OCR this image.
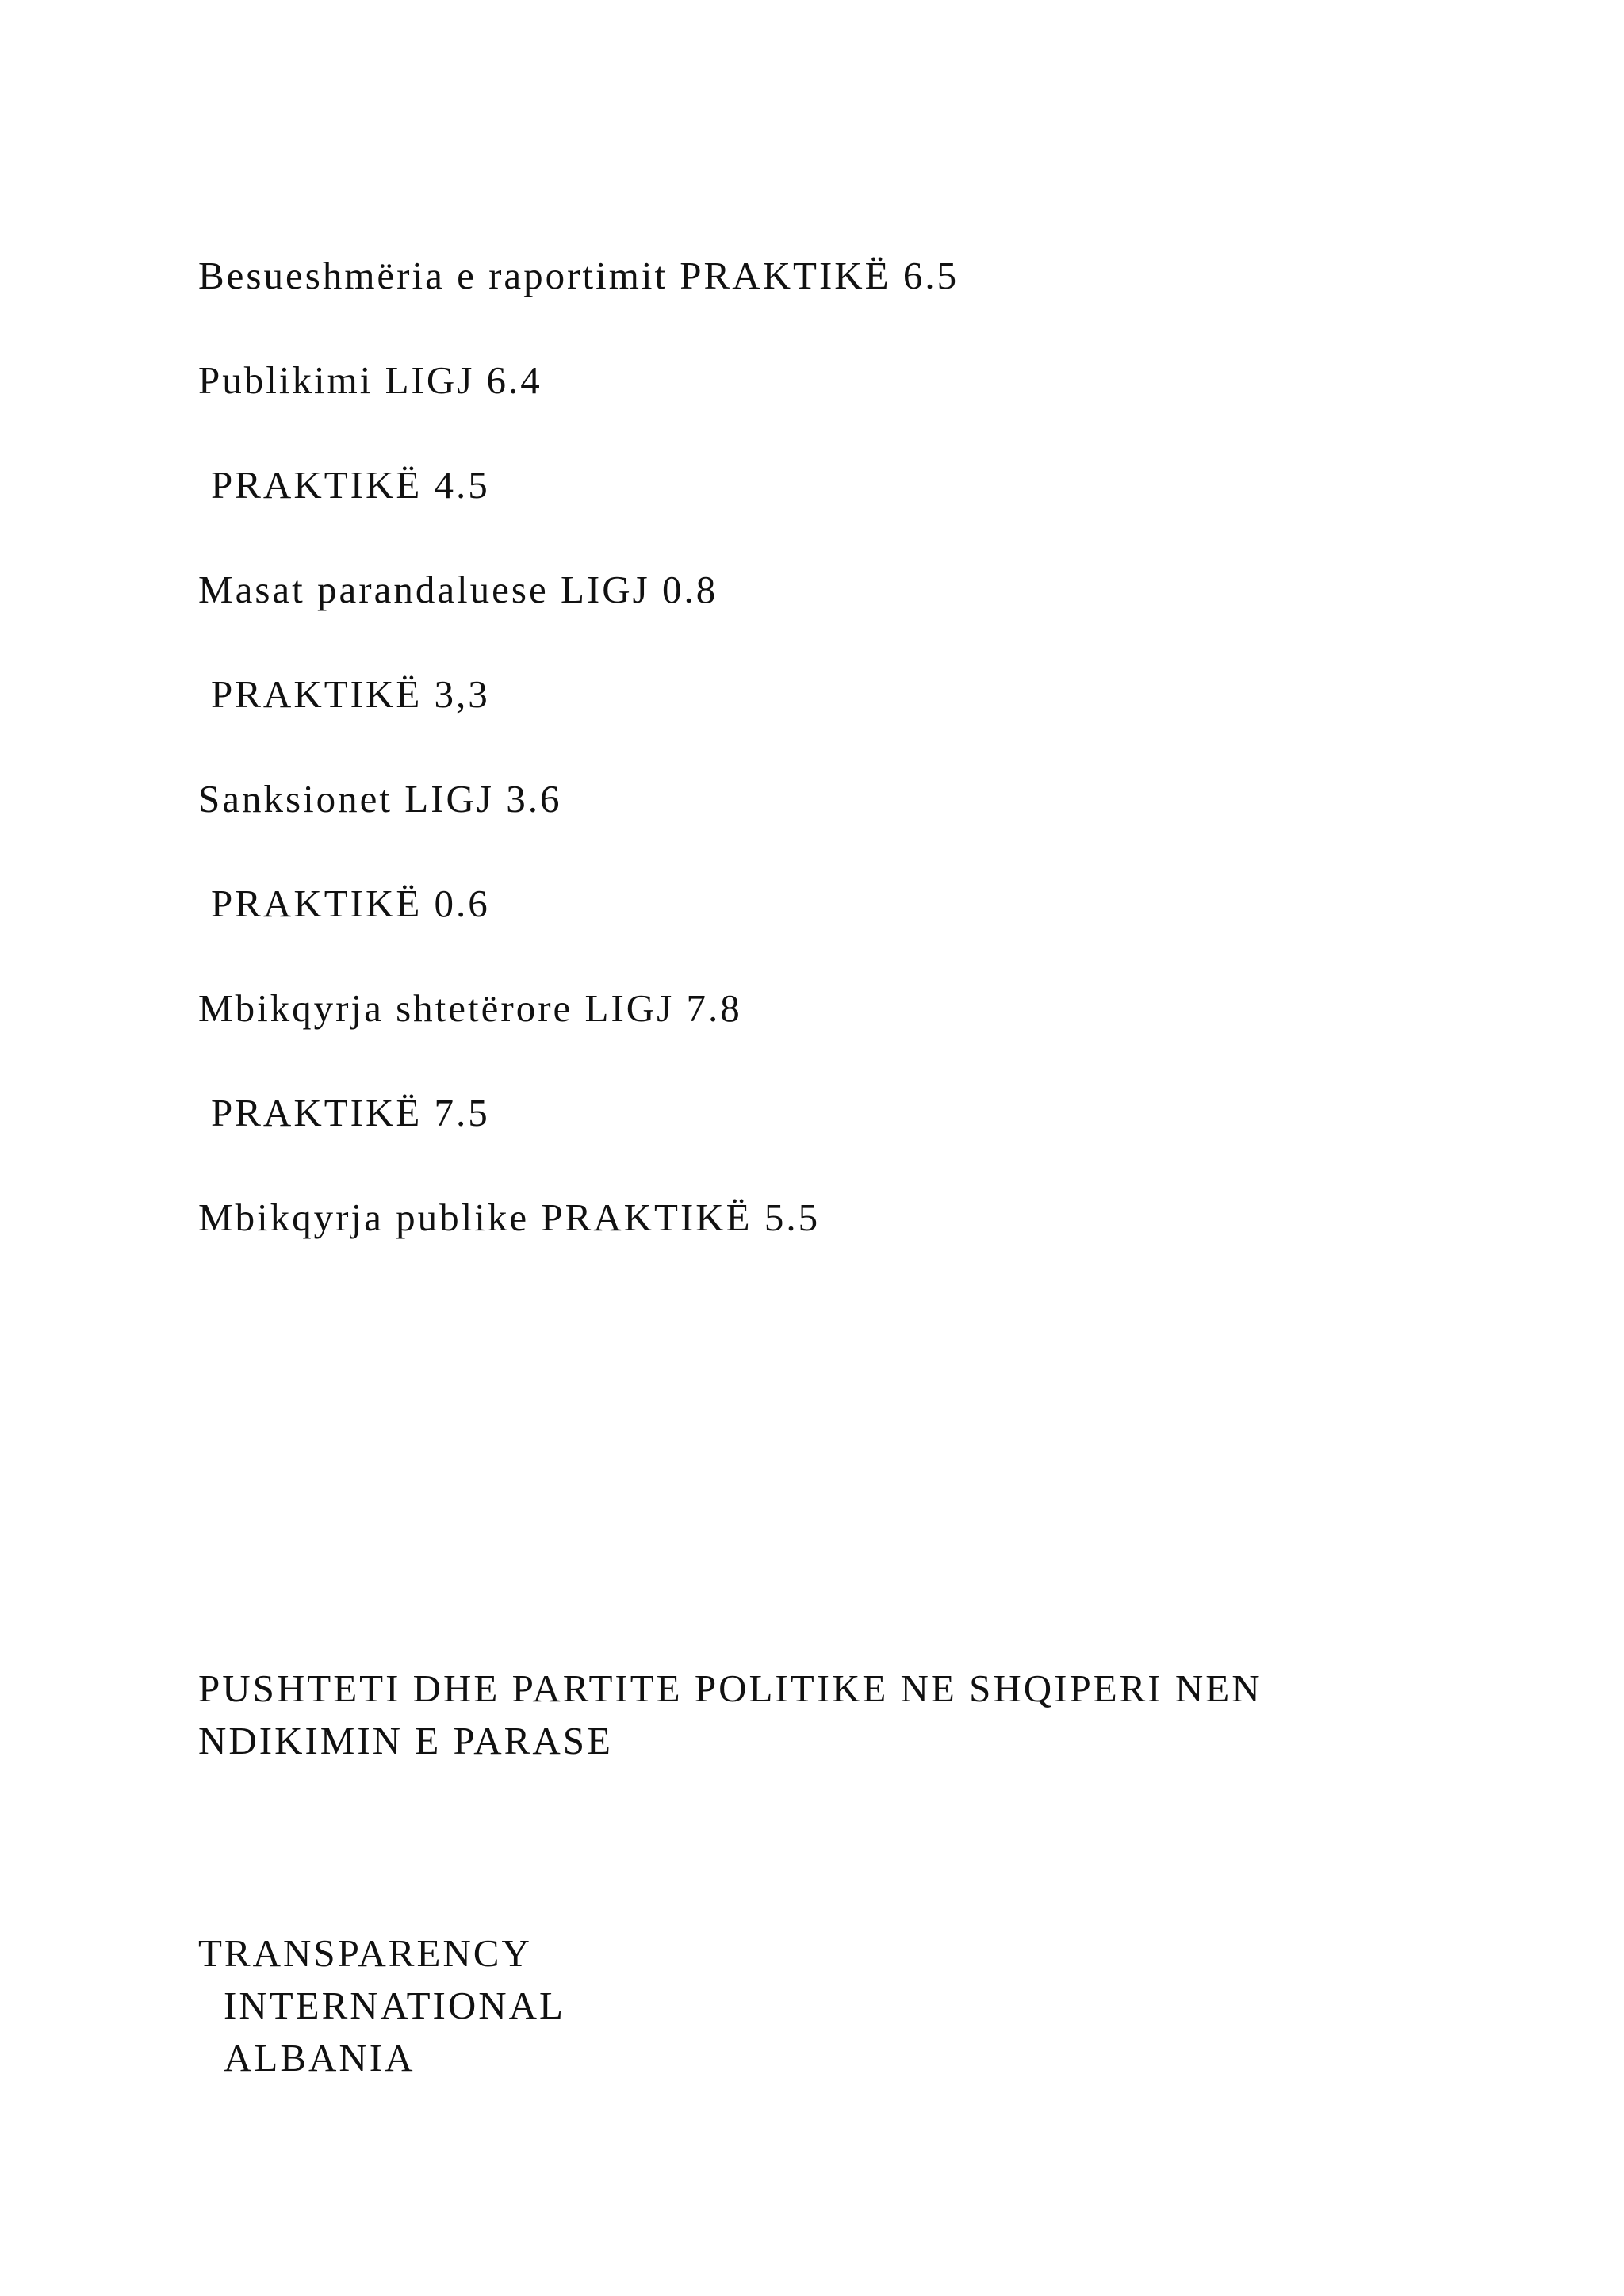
Besueshmëria e raportimit PRAKTIKË 6.5
Publikimi LIGJ 6.4
PRAKTIKË 4.5
Masat parandaluese LIGJ 0.8
PRAKTIKË 3,3
Sanksionet LIGJ 3.6
PRAKTIKË 0.6
Mbikqyrja shtetërore LIGJ 7.8
PRAKTIKË 7.5
Mbikqyrja publike PRAKTIKË 5.5
PUSHTETI DHE PARTITE POLITIKE NE SHQIPERI NEN
NDIKIMIN E PARASE
TRANSPARENCY
INTERNATIONAL
ALBANIA
